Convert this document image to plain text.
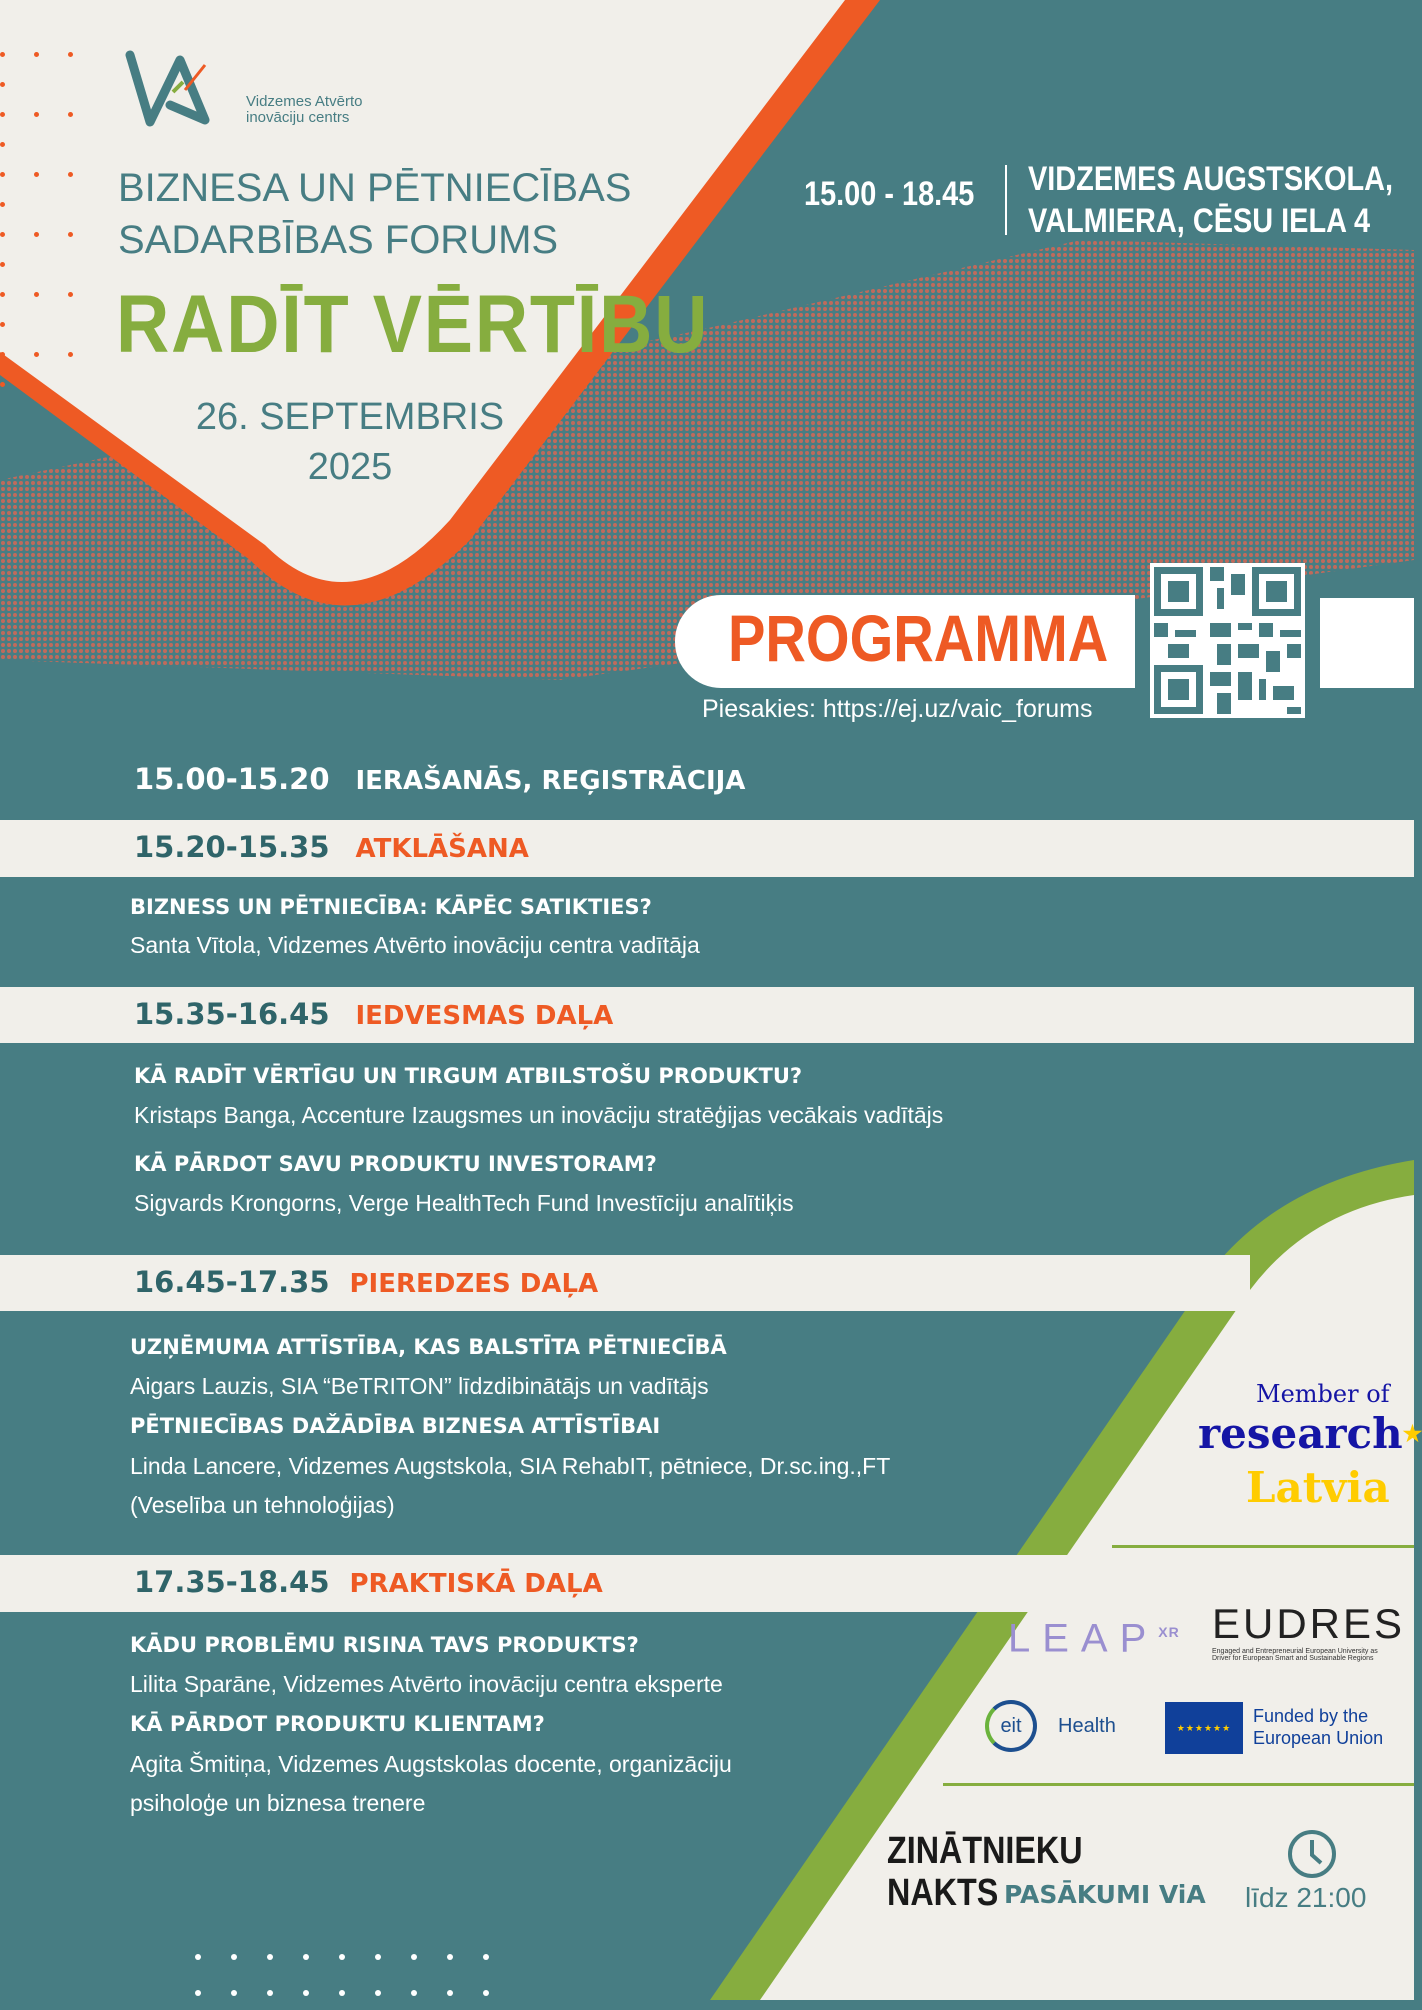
Vidzemes Atvērto
inovāciju centrs
BIZNESA UN PĒTNIECĪBAS
SADARBĪBAS FORUMS
RADĪT VĒRTĪBU
26. SEPTEMBRIS
2025
15.00 - 18.45 VIDZEMES AUGSTSKOLA,
VALMIERA, CĒSU IELA 4
PROGRAMMA
Piesakies: https://ej.uz/vaic_forums
15.00-15.20 IERAŠANĀS, REĢISTRĀCIJA
15.20-15.35 ATKLĀŠANA
BIZNESS UN PĒTNIECĪBA: KĀPĒC SATIKTIES?
Santa Vītola, Vidzemes Atvērto inovāciju centra vadītāja
15.35-16.45 IEDVESMAS DAĻA
KĀ RADĪT VĒRTĪGU UN TIRGUM ATBILSTOŠU PRODUKTU?
Kristaps Banga, Accenture Izaugsmes un inovāciju stratēģijas vecākais vadītājs
KĀ PĀRDOT SAVU PRODUKTU INVESTORAM?
Sigvards Krongorns, Verge HealthTech Fund Investīciju analītiķis
16.45-17.35 PIEREDZES DAĻA
UZŅĒMUMA ATTĪSTĪBA, KAS BALSTĪTA PĒTNIECĪBĀ
Aigars Lauzis, SIA “BeTRITON” līdzdibinātājs un vadītājs
PĒTNIECĪBAS DAŽĀDĪBA BIZNESA ATTĪSTĪBAI
Linda Lancere, Vidzemes Augstskola, SIA RehabIT, pētniece, Dr.sc.ing.,FT
(Veselība un tehnoloģijas)
17.35-18.45 PRAKTISKĀ DAĻA
KĀDU PROBLĒMU RISINA TAVS PRODUKTS?
Lilita Sparāne, Vidzemes Atvērto inovāciju centra eksperte
KĀ PĀRDOT PRODUKTU KLIENTAM?
Agita Šmitiņa, Vidzemes Augstskolas docente, organizāciju
psiholoģe un biznesa trenere

Member of
research★
Latvia
$LEAP^{XR}$ EUDRES
Engaged and Entrepreneurial European University as
Driver for European Smart and Sustainable Regions
eit	Health	★★★★★★
Funded by the
European Union
ZINĀTNIEKU
NAKTS PASĀKUMI ViA līdz 21:00
